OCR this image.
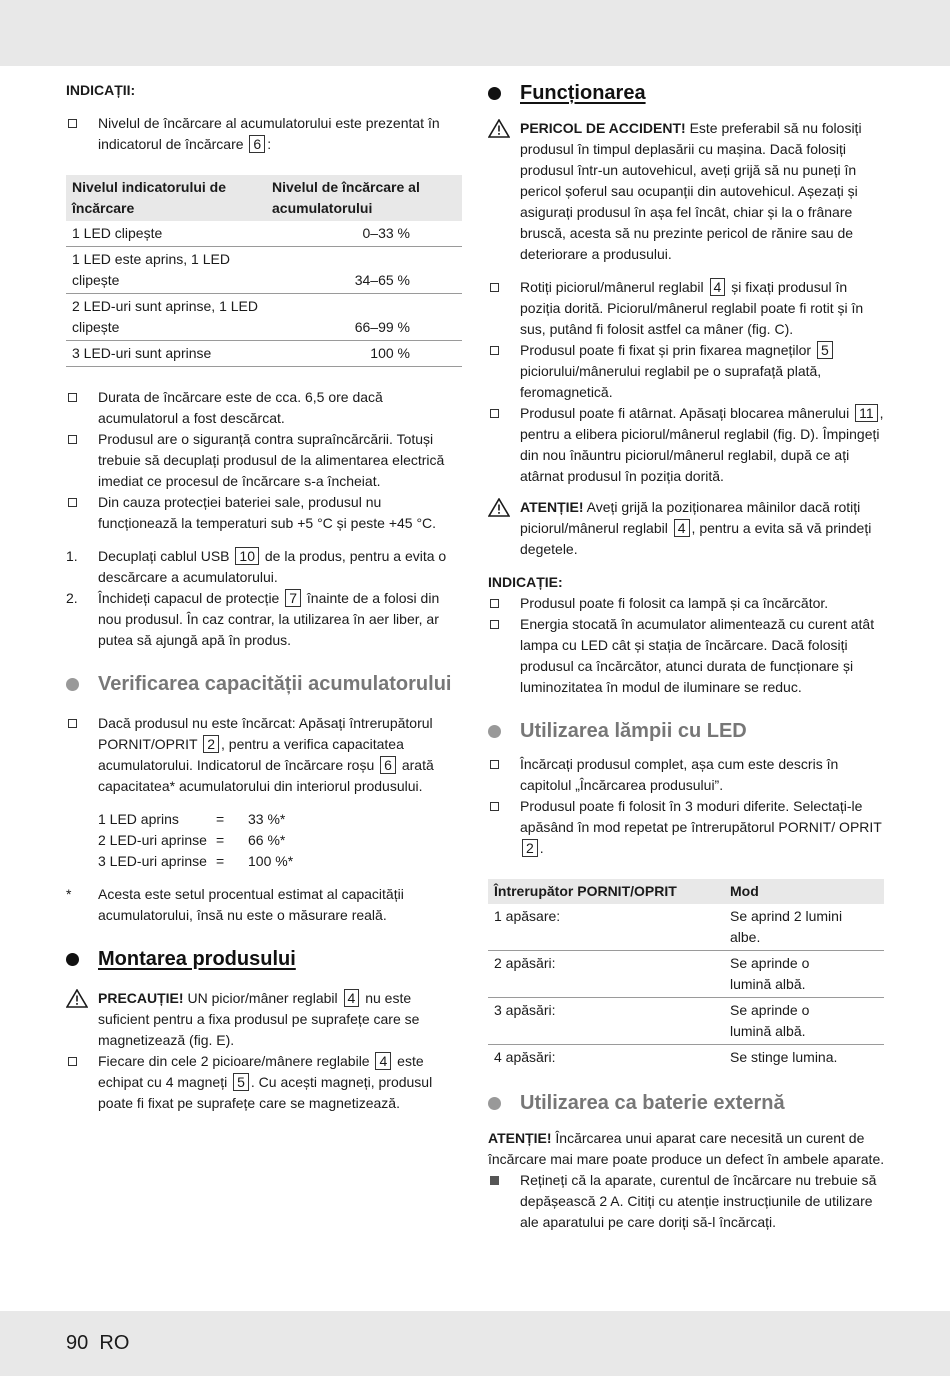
INDICAȚII:
Nivelul de încărcare al acumulatorului este prezentat în indicatorul de încărcare 6 :
Nivelul indicatorului de încărcare	Nivelul de încărcare al acumulatorului
1 LED clipește	0–33 %
1 LED este aprins, 1 LED clipește	34–65 %
2 LED-uri sunt aprinse, 1 LED clipește	66–99 %
3 LED-uri sunt aprinse	100 %
Durata de încărcare este de cca. 6,5 ore dacă acumulatorul a fost descărcat.
Produsul are o siguranță contra supraîncărcării. Totuși trebuie să decuplați produsul de la alimentarea electrică imediat ce procesul de încărcare s-a încheiat.
Din cauza protecției bateriei sale, produsul nu funcționează la temperaturi sub +5 °C și peste +45 °C.
1. Decuplați cablul USB 10 de la produs, pentru a evita o descărcare a acumulatorului.
2. Închideți capacul de protecție 7 înainte de a folosi din nou produsul. În caz contrar, la utilizarea în aer liber, ar putea să ajungă apă în produs.
Verificarea capacității acumulatorului
Dacă produsul nu este încărcat: Apăsați întrerupătorul PORNIT/OPRIT 2 , pentru a verifica capacitatea acumulatorului. Indicatorul de încărcare roșu 6 arată capacitatea* acumulatorului din interiorul produsului.
1 LED aprins	=	33 %*
2 LED-uri aprinse =	66 %*
3 LED-uri aprinse =	100 %*
* Acesta este setul procentual estimat al capacității acumulatorului, însă nu este o măsurare reală.
Montarea produsului
PRECAUȚIE! UN picior/mâner reglabil 4 nu este suficient pentru a fixa produsul pe suprafețe care se magnetizează (fig. E).
Fiecare din cele 2 picioare/mânere reglabile 4 este echipat cu 4 magneți 5 . Cu acești magneți, produsul poate fi fixat pe suprafețe care se magnetizează.
Funcționarea
PERICOL DE ACCIDENT! Este preferabil să nu folosiți produsul în timpul deplasării cu mașina. Dacă folosiți produsul într-un autovehicul, aveți grijă să nu puneți în pericol șoferul sau ocupanții din autovehicul. Așezați și asigurați produsul în așa fel încât, chiar și la o frânare bruscă, acesta să nu prezinte pericol de rănire sau de deteriorare a produsului.
Rotiți piciorul/mânerul reglabil 4 și fixați produsul în poziția dorită. Piciorul/mânerul reglabil poate fi rotit și în sus, putând fi folosit astfel ca mâner (fig. C).
Produsul poate fi fixat și prin fixarea magneților 5 piciorului/mânerului reglabil pe o suprafață plată, feromagnetică.
Produsul poate fi atârnat. Apăsați blocarea mânerului 11 , pentru a elibera piciorul/mânerul reglabil (fig. D). Împingeți din nou înăuntru piciorul/mânerul reglabil, după ce ați atârnat produsul în poziția dorită.
ATENȚIE! Aveți grijă la poziționarea mâinilor dacă rotiți piciorul/mânerul reglabil 4 , pentru a evita să vă prindeți degetele.
INDICAȚIE:
Produsul poate fi folosit ca lampă și ca încărcător.
Energia stocată în acumulator alimentează cu curent atât lampa cu LED cât și stația de încărcare. Dacă folosiți produsul ca încărcător, atunci durata de funcționare și luminozitatea în modul de iluminare se reduc.
Utilizarea lămpii cu LED
Încărcați produsul complet, așa cum este descris în capitolul „Încărcarea produsului”.
Produsul poate fi folosit în 3 moduri diferite. Selectați-le apăsând în mod repetat pe întrerupătorul PORNIT/ OPRIT 2 .
Întrerupător PORNIT/OPRIT	Mod
1 apăsare:	Se aprind 2 lumini albe.
2 apăsări:	Se aprinde o lumină albă.
3 apăsări:	Se aprinde o lumină albă.
4 apăsări:	Se stinge lumina.
Utilizarea ca baterie externă
ATENȚIE! Încărcarea unui aparat care necesită un curent de încărcare mai mare poate produce un defect în ambele aparate.
Rețineți că la aparate, curentul de încărcare nu trebuie să depășească 2 A. Citiți cu atenție instrucțiunile de utilizare ale aparatului pe care doriți să-l încărcați.
90 RO
